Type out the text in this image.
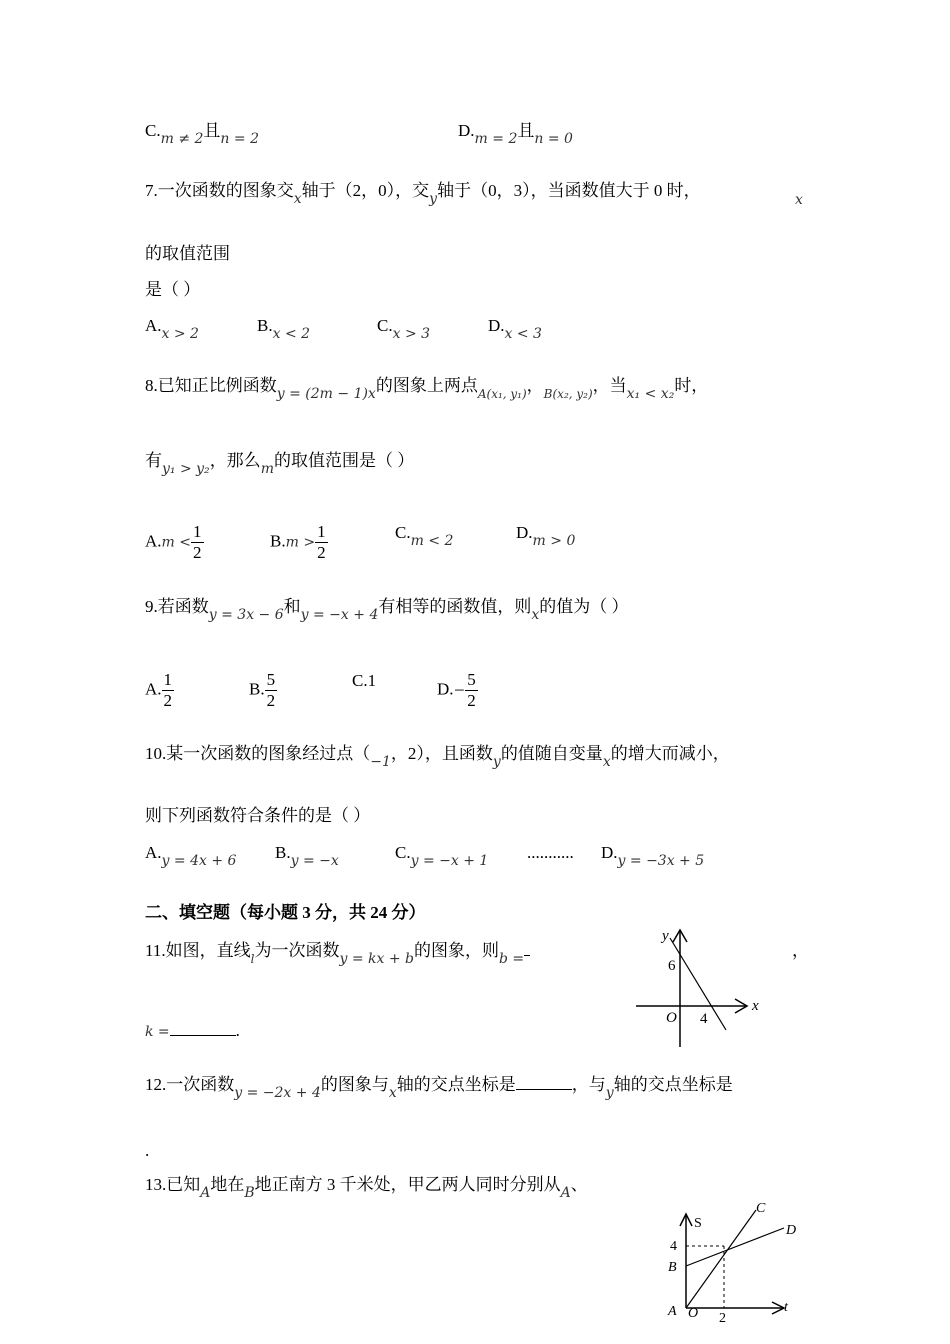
$C._{m \ne 2}$且$_{n = 2}$	$D._{m = 2}$且$_{n = 0}$
7.一次函数的图象交$_x$轴于（2，0），交$_y$轴于（0，3），当函数值大于 0 时，	x
的取值范围
是（ ）
$A._{x > 2}$	$B._{x < 2}$	$C._{x > 3}$	$D._{x < 3}$
8.已知正比例函数$_{y = (2m - 1)x}$的图象上两点$_{A(x_1, y_1)}$，$_{B(x_2, y_2)}$，当$_{x_1 < x_2}$时，
有$_{y_1 > y_2}$，那么$_m$的取值范围是（ ）
$A.m < \frac{1}{2}$	$B.m > \frac{1}{2}$	$C._{m < 2}$	$D._{m > 0}$
9.若函数$_{y = 3x - 6}$和$_{y = -x + 4}$有相等的函数值，则$_x$的值为（ ）
A. $\frac{1}{2}$	B. $\frac{5}{2}$	C.1	$D.- \frac{5}{2}$
10.某一次函数的图象经过点（$_{-1}$，2），且函数$_y$的值随自变量$_x$的增大而减小，
则下列函数符合条件的是（ ）
$A._{y = 4x + 6}$ $B._{y = -x}$	$C._{y = -x + 1}$ ........... $D._{y = -3x + 5}$
二、填空题（每小题 3 分，共 24 分）
11.如图，直线$_l$为一次函数$_{y = kx + b}$的图象，则$_{b =}$	，
k =	.
y
x
O
6
4
12.一次函数$_{y = -2x + 4}$的图象与$_x$轴的交点坐标是	，与$_y$轴的交点坐标是
.
13.已知$_A$地在$_B$地正南方 3 千米处，甲乙两人同时分别从$_A$、
S
t
O
A
B
C
D
4
2
